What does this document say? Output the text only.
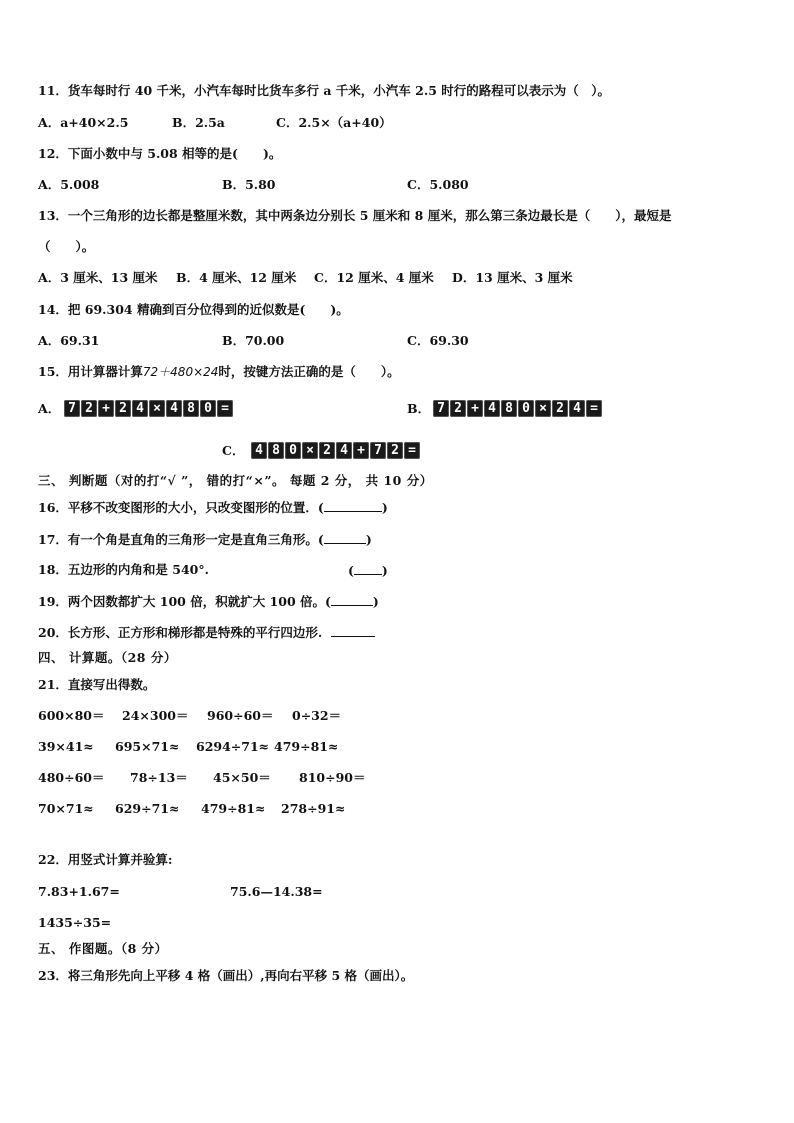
11．货车每时行 40 千米，小汽车每时比货车多行 a 千米，小汽车 2.5 时行的路程可以表示为（　）。
A．a+40×2.5	B．2.5a	C．2.5×（a+40）
12．下面小数中与 5.08 相等的是(　　)。
A．5.008	B．5.80	C．5.080
13．一个三角形的边长都是整厘米数，其中两条边分别长 5 厘米和 8 厘米，那么第三条边最长是（　　），最短是
（　　）。
A．3 厘米、13 厘米 B．4 厘米、12 厘米 C．12 厘米、4 厘米 D．13 厘米、3 厘米
14．把 69.304 精确到百分位得到的近似数是(　　)。
A．69.31	B．70.00	C．69.30
15．用计算器计算72＋480×24时，按键方法正确的是（　　）。
A． 7 2 + 2 4 × 4 8 0 =	B． 7 2 + 4 8 0 × 2 4 =
C． 4 8 0 × 2 4 + 7 2 =
三、 判断题（对的打“√ ”， 错的打“×”。 每题 2 分， 共 10 分）
16．平移不改变图形的大小，只改变图形的位置．(	)
17．有一个角是直角的三角形一定是直角三角形。(	)
18．五边形的内角和是 540°.	( )
19．两个因数都扩大 100 倍，积就扩大 100 倍。(	)
20．长方形、正方形和梯形都是特殊的平行四边形.
四、 计算题。（28 分）
21．直接写出得数。
600×80＝ 24×300＝ 960÷60＝ 0÷32＝
39×41≈ 695×71≈ 6294÷71≈ 479÷81≈
480÷60＝ 78÷13＝ 45×50＝ 810÷90＝
70×71≈ 629÷71≈ 479÷81≈ 278÷91≈
22．用竖式计算并验算:
7.83+1.67=	75.6—14.38=
1435÷35=
五、 作图题。（8 分）
23．将三角形先向上平移 4 格（画出）,再向右平移 5 格（画出）。
